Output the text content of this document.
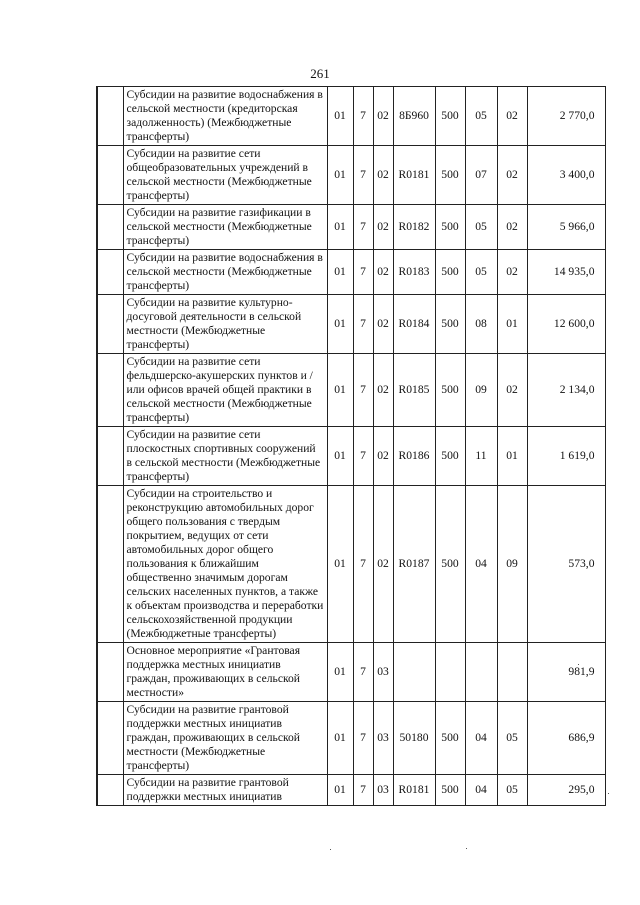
261
	Субсидии на развитие водоснабжения в сельской местности (кредиторская задолженность) (Межбюджетные трансферты)	01	7	02	8Б960	500	05	02	2 770,0
	Субсидии на развитие сети общеобразовательных учреждений в сельской местности (Межбюджетные трансферты)	01	7	02	R0181	500	07	02	3 400,0
	Субсидии на развитие газификации в сельской местности (Межбюджетные трансферты)	01	7	02	R0182	500	05	02	5 966,0
	Субсидии на развитие водоснабжения в сельской местности (Межбюджетные трансферты)	01	7	02	R0183	500	05	02	14 935,0
	Субсидии на развитие культурно-досуговой деятельности в сельской местности (Межбюджетные трансферты)	01	7	02	R0184	500	08	01	12 600,0
	Субсидии на развитие сети фельдшерско-акушерских пунктов и /или офисов врачей общей практики в сельской местности (Межбюджетные трансферты)	01	7	02	R0185	500	09	02	2 134,0
	Субсидии на развитие сети плоскостных спортивных сооружений в сельской местности (Межбюджетные трансферты)	01	7	02	R0186	500	11	01	1 619,0
	Субсидии на строительство и реконструкцию автомобильных дорог общего пользования с твердым покрытием, ведущих от сети автомобильных дорог общего пользования к ближайшим общественно значимым дорогам сельских населенных пунктов, а также к объектам производства и переработки сельскохозяйственной продукции (Межбюджетные трансферты)	01	7	02	R0187	500	04	09	573,0
	Основное мероприятие «Грантовая поддержка местных инициатив граждан, проживающих в сельской местности»	01	7	03					981,9
	Субсидии на развитие грантовой поддержки местных инициатив граждан, проживающих в сельской местности (Межбюджетные трансферты)	01	7	03	50180	500	04	05	686,9
	Субсидии на развитие грантовой поддержки местных инициатив	01	7	03	R0181	500	04	05	295,0
